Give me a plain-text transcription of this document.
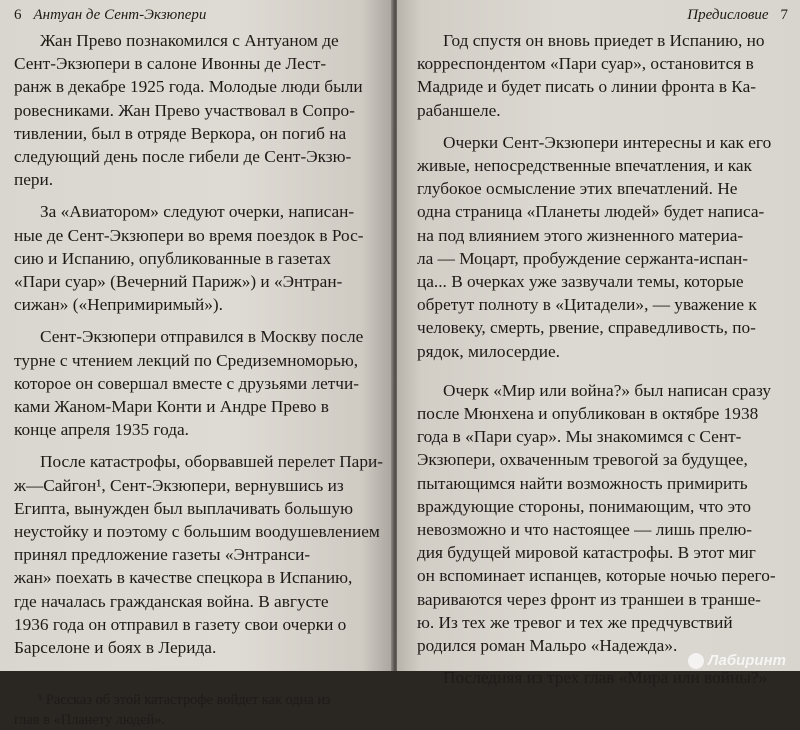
6 Антуан де Сент-Экзюпери

Жан Прево познакомился с Антуаном де
Сент-Экзюпери в салоне Ивонны де Лест-
ранж в декабре 1925 года. Молодые люди были
ровесниками. Жан Прево участвовал в Сопро-
тивлении, был в отряде Веркора, он погиб на
следующий день после гибели де Сент-Экзю-
пери.

За «Авиатором» следуют очерки, написан-
ные де Сент-Экзюпери во время поездок в Рос-
сию и Испанию, опубликованные в газетах
«Пари суар» (Вечерний Париж») и «Энтран-
сижан» («Непримиримый»).

Сент-Экзюпери отправился в Москву после
турне с чтением лекций по Средиземноморью,
которое он совершал вместе с друзьями летчи-
ками Жаном-Мари Конти и Андре Прево в
конце апреля 1935 года.

После катастрофы, оборвавшей перелет Пари-
ж—Сайгон¹, Сент-Экзюпери, вернувшись из
Египта, вынужден был выплачивать большую
неустойку и поэтому с большим воодушевлением
принял предложение газеты «Энтранси-
жан» поехать в качестве спецкора в Испанию,
где началась гражданская война. В августе
1936 года он отправил в газету свои очерки о
Барселоне и боях в Лерида.

¹ Рассказ об этой катастрофе войдет как одна из
глав в «Планету людей».
Предисловие 7

Год спустя он вновь приедет в Испанию, но
корреспондентом «Пари суар», остановится в
Мадриде и будет писать о линии фронта в Ка-
рабаншеле.

Очерки Сент-Экзюпери интересны и как его
живые, непосредственные впечатления, и как
глубокое осмысление этих впечатлений. Не
одна страница «Планеты людей» будет написа-
на под влиянием этого жизненного материа-
ла — Моцарт, пробуждение сержанта-испан-
ца... В очерках уже зазвучали темы, которые
обретут полноту в «Цитадели», — уважение к
человеку, смерть, рвение, справедливость, по-
рядок, милосердие.

Очерк «Мир или война?» был написан сразу
после Мюнхена и опубликован в октябре 1938
года в «Пари суар». Мы знакомимся с Сент-
Экзюпери, охваченным тревогой за будущее,
пытающимся найти возможность примирить
враждующие стороны, понимающим, что это
невозможно и что настоящее — лишь прелю-
дия будущей мировой катастрофы. В этот миг
он вспоминает испанцев, которые ночью перего-
вариваются через фронт из траншеи в транше-
ю. Из тех же тревог и тех же предчувствий
родился роман Мальро «Надежда».

Последняя из трех глав «Мира или войны?»

Лабиринт
